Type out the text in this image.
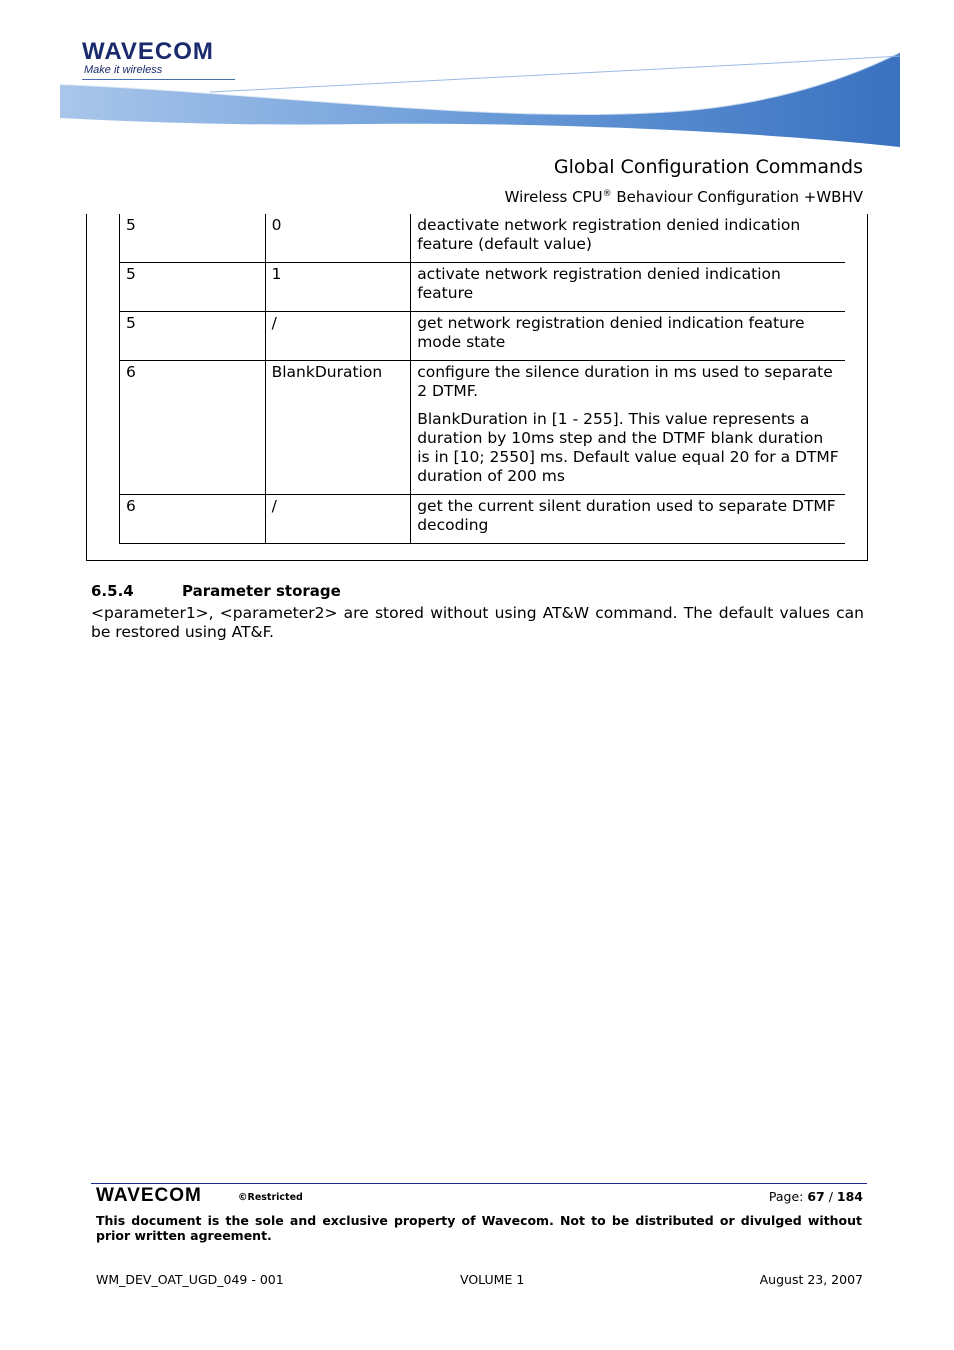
WAVECOM
Make it wireless
Global Configuration Commands
Wireless CPU® Behaviour Configuration +WBHV
5	0	deactivate network registration denied indication feature (default value)
5	1	activate network registration denied indication feature
5	/	get network registration denied indication feature mode state
6	BlankDuration	configure the silence duration in ms used to separate 2 DTMF.
BlankDuration in [1 - 255]. This value represents a duration by 10ms step and the DTMF blank duration is in [10; 2550] ms. Default value equal 20 for a DTMF duration of 200 ms

6	/	get the current silent duration used to separate DTMF decoding
6.5.4	Parameter storage
<parameter1>, <parameter2> are stored without using AT&W command. The default values can be restored using AT&F.
WAVECOM	©Restricted	Page: 67 / 184
This document is the sole and exclusive property of Wavecom. Not to be distributed or divulged without prior written agreement.
WM_DEV_OAT_UGD_049 - 001	VOLUME 1	August 23, 2007
